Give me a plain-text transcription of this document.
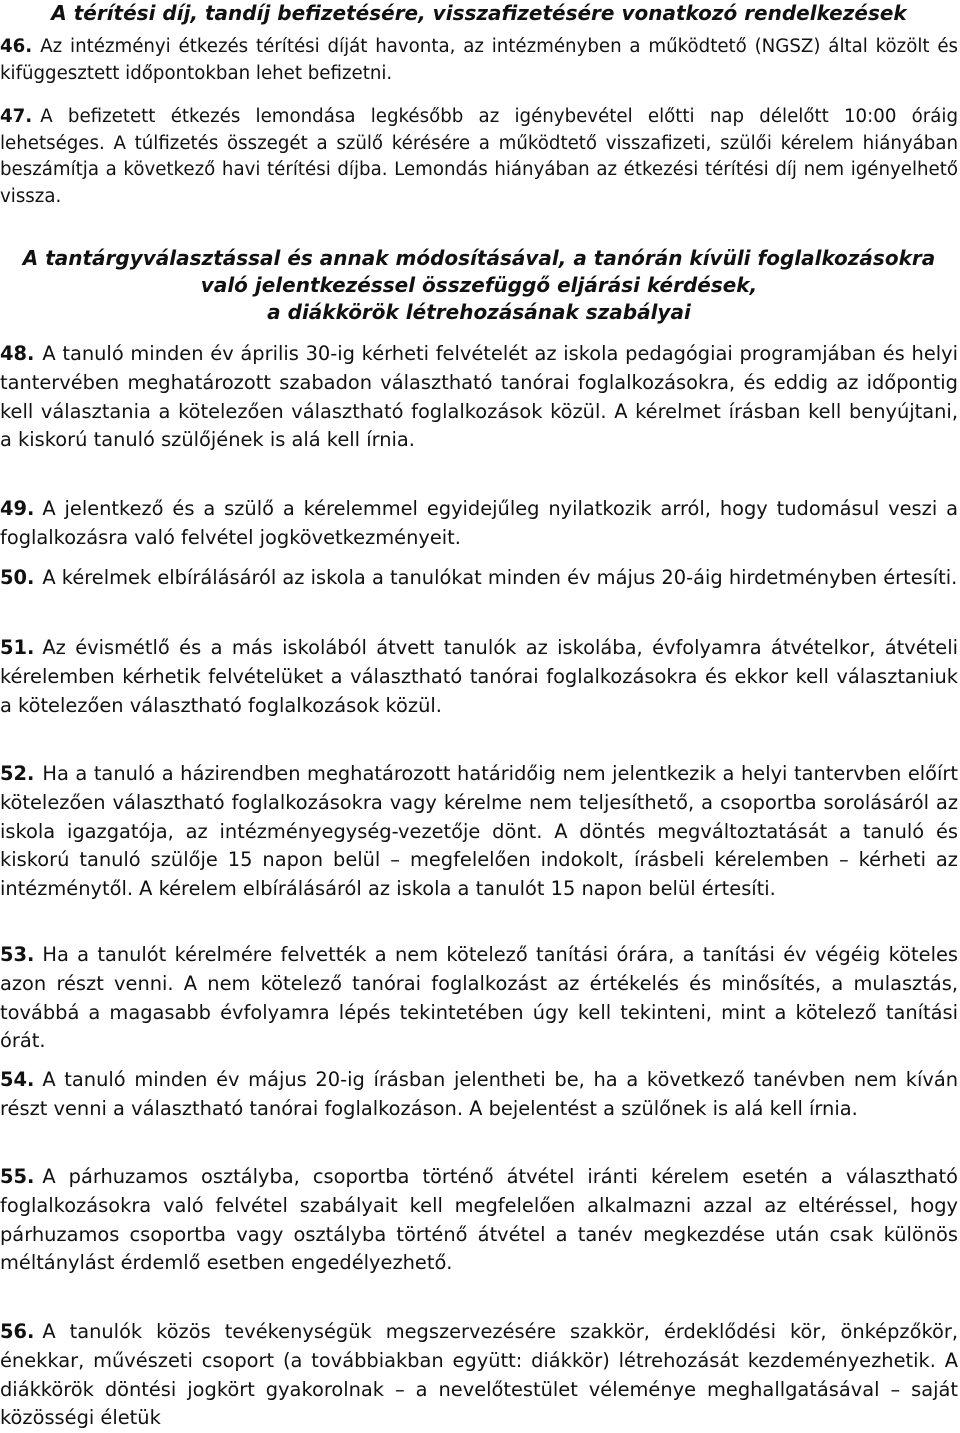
A térítési díj, tandíj befizetésére, visszafizetésére vonatkozó rendelkezések

46. Az intézményi étkezés térítési díját havonta, az intézményben a működtető (NGSZ) által közölt és kifüggesztett időpontokban lehet befizetni.

47. A befizetett étkezés lemondása legkésőbb az igénybevétel előtti nap délelőtt 10:00 óráig lehetséges. A túlfizetés összegét a szülő kérésére a működtető visszafizeti, szülői kérelem hiányában beszámítja a következő havi térítési díjba. Lemondás hiányában az étkezési térítési díj nem igényelhető vissza.

A tantárgyválasztással és annak módosításával, a tanórán kívüli foglalkozásokra
való jelentkezéssel összefüggő eljárási kérdések,
a diákkörök létrehozásának szabályai

48. A tanuló minden év április 30-ig kérheti felvételét az iskola pedagógiai programjában és helyi tantervében meghatározott szabadon választható tanórai foglalkozásokra, és eddig az időpontig kell választania a kötelezően választható foglalkozások közül. A kérelmet írásban kell benyújtani, a kiskorú tanuló szülőjének is alá kell írnia.

49. A jelentkező és a szülő a kérelemmel egyidejűleg nyilatkozik arról, hogy tudomásul veszi a foglalkozásra való felvétel jogkövetkezményeit.

50. A kérelmek elbírálásáról az iskola a tanulókat minden év május 20-áig hirdetményben értesíti.

51. Az évismétlő és a más iskolából átvett tanulók az iskolába, évfolyamra átvételkor, átvételi kérelemben kérhetik felvételüket a választható tanórai foglalkozásokra és ekkor kell választaniuk a kötelezően választható foglalkozások közül.

52. Ha a tanuló a házirendben meghatározott határidőig nem jelentkezik a helyi tantervben előírt kötelezően választható foglalkozásokra vagy kérelme nem teljesíthető, a csoportba sorolásáról az iskola igazgatója, az intézményegység-vezetője dönt. A döntés megváltoztatását a tanuló és kiskorú tanuló szülője 15 napon belül – megfelelően indokolt, írásbeli kérelemben – kérheti az intézménytől. A kérelem elbírálásáról az iskola a tanulót 15 napon belül értesíti.

53. Ha a tanulót kérelmére felvették a nem kötelező tanítási órára, a tanítási év végéig köteles azon részt venni. A nem kötelező tanórai foglalkozást az értékelés és minősítés, a mulasztás, továbbá a magasabb évfolyamra lépés tekintetében úgy kell tekinteni, mint a kötelező tanítási órát.

54. A tanuló minden év május 20-ig írásban jelentheti be, ha a következő tanévben nem kíván részt venni a választható tanórai foglalkozáson. A bejelentést a szülőnek is alá kell írnia.

55. A párhuzamos osztályba, csoportba történő átvétel iránti kérelem esetén a választható foglalkozásokra való felvétel szabályait kell megfelelően alkalmazni azzal az eltéréssel, hogy párhuzamos csoportba vagy osztályba történő átvétel a tanév megkezdése után csak különös méltánylást érdemlő esetben engedélyezhető.

56. A tanulók közös tevékenységük megszervezésére szakkör, érdeklődési kör, önképzőkör, énekkar, művészeti csoport (a továbbiakban együtt: diákkör) létrehozását kezdeményezhetik. A diákkörök döntési jogkört gyakorolnak – a nevelőtestület véleménye meghallgatásával – saját közösségi életük
